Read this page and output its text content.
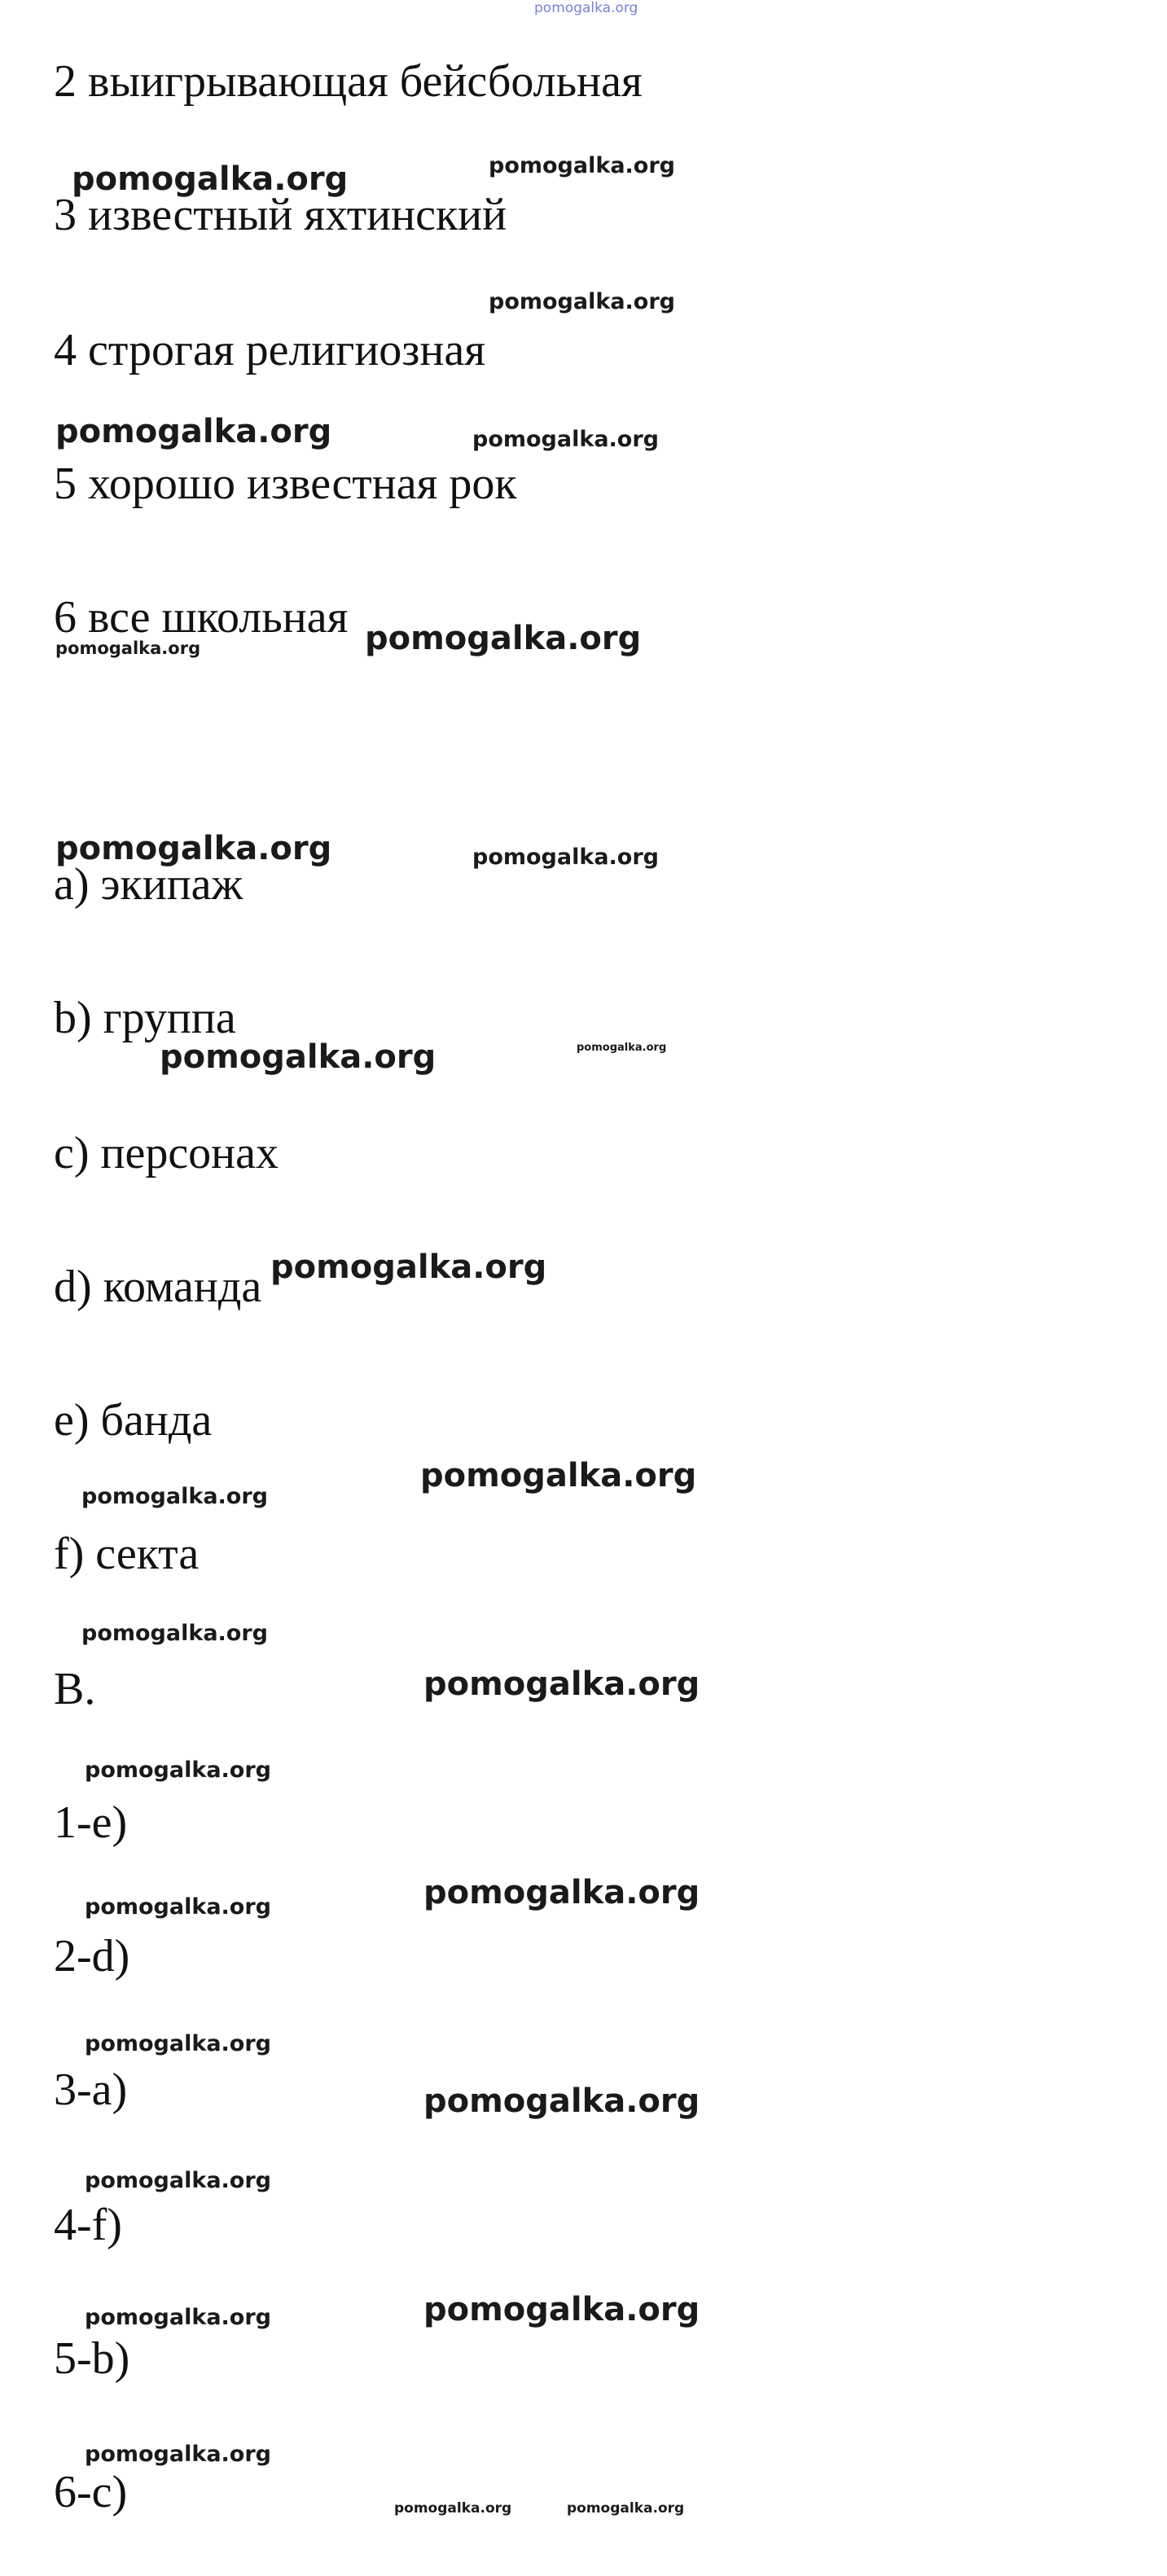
pomogalka.org
2 выигрывающая бейсбольная
3 известный яхтинский
4 строгая религиозная
5 хорошо известная рок
6 все школьная
a) экипаж
b) группа
c) персонах
d) команда
e) банда
f) секта
B.
1-e)
2-d)
3-a)
4-f)
5-b)
6-c)
pomogalka.org	pomogalka.org
pomogalka.org
pomogalka.org	pomogalka.org
pomogalka.org	pomogalka.org
pomogalka.org	pomogalka.org
pomogalka.org	pomogalka.org
pomogalka.org
pomogalka.org
pomogalka.org
pomogalka.org
pomogalka.org
pomogalka.org
pomogalka.org
pomogalka.org
pomogalka.org
pomogalka.org
pomogalka.org
pomogalka.org	pomogalka.org
pomogalka.org
pomogalka.org	pomogalka.org
